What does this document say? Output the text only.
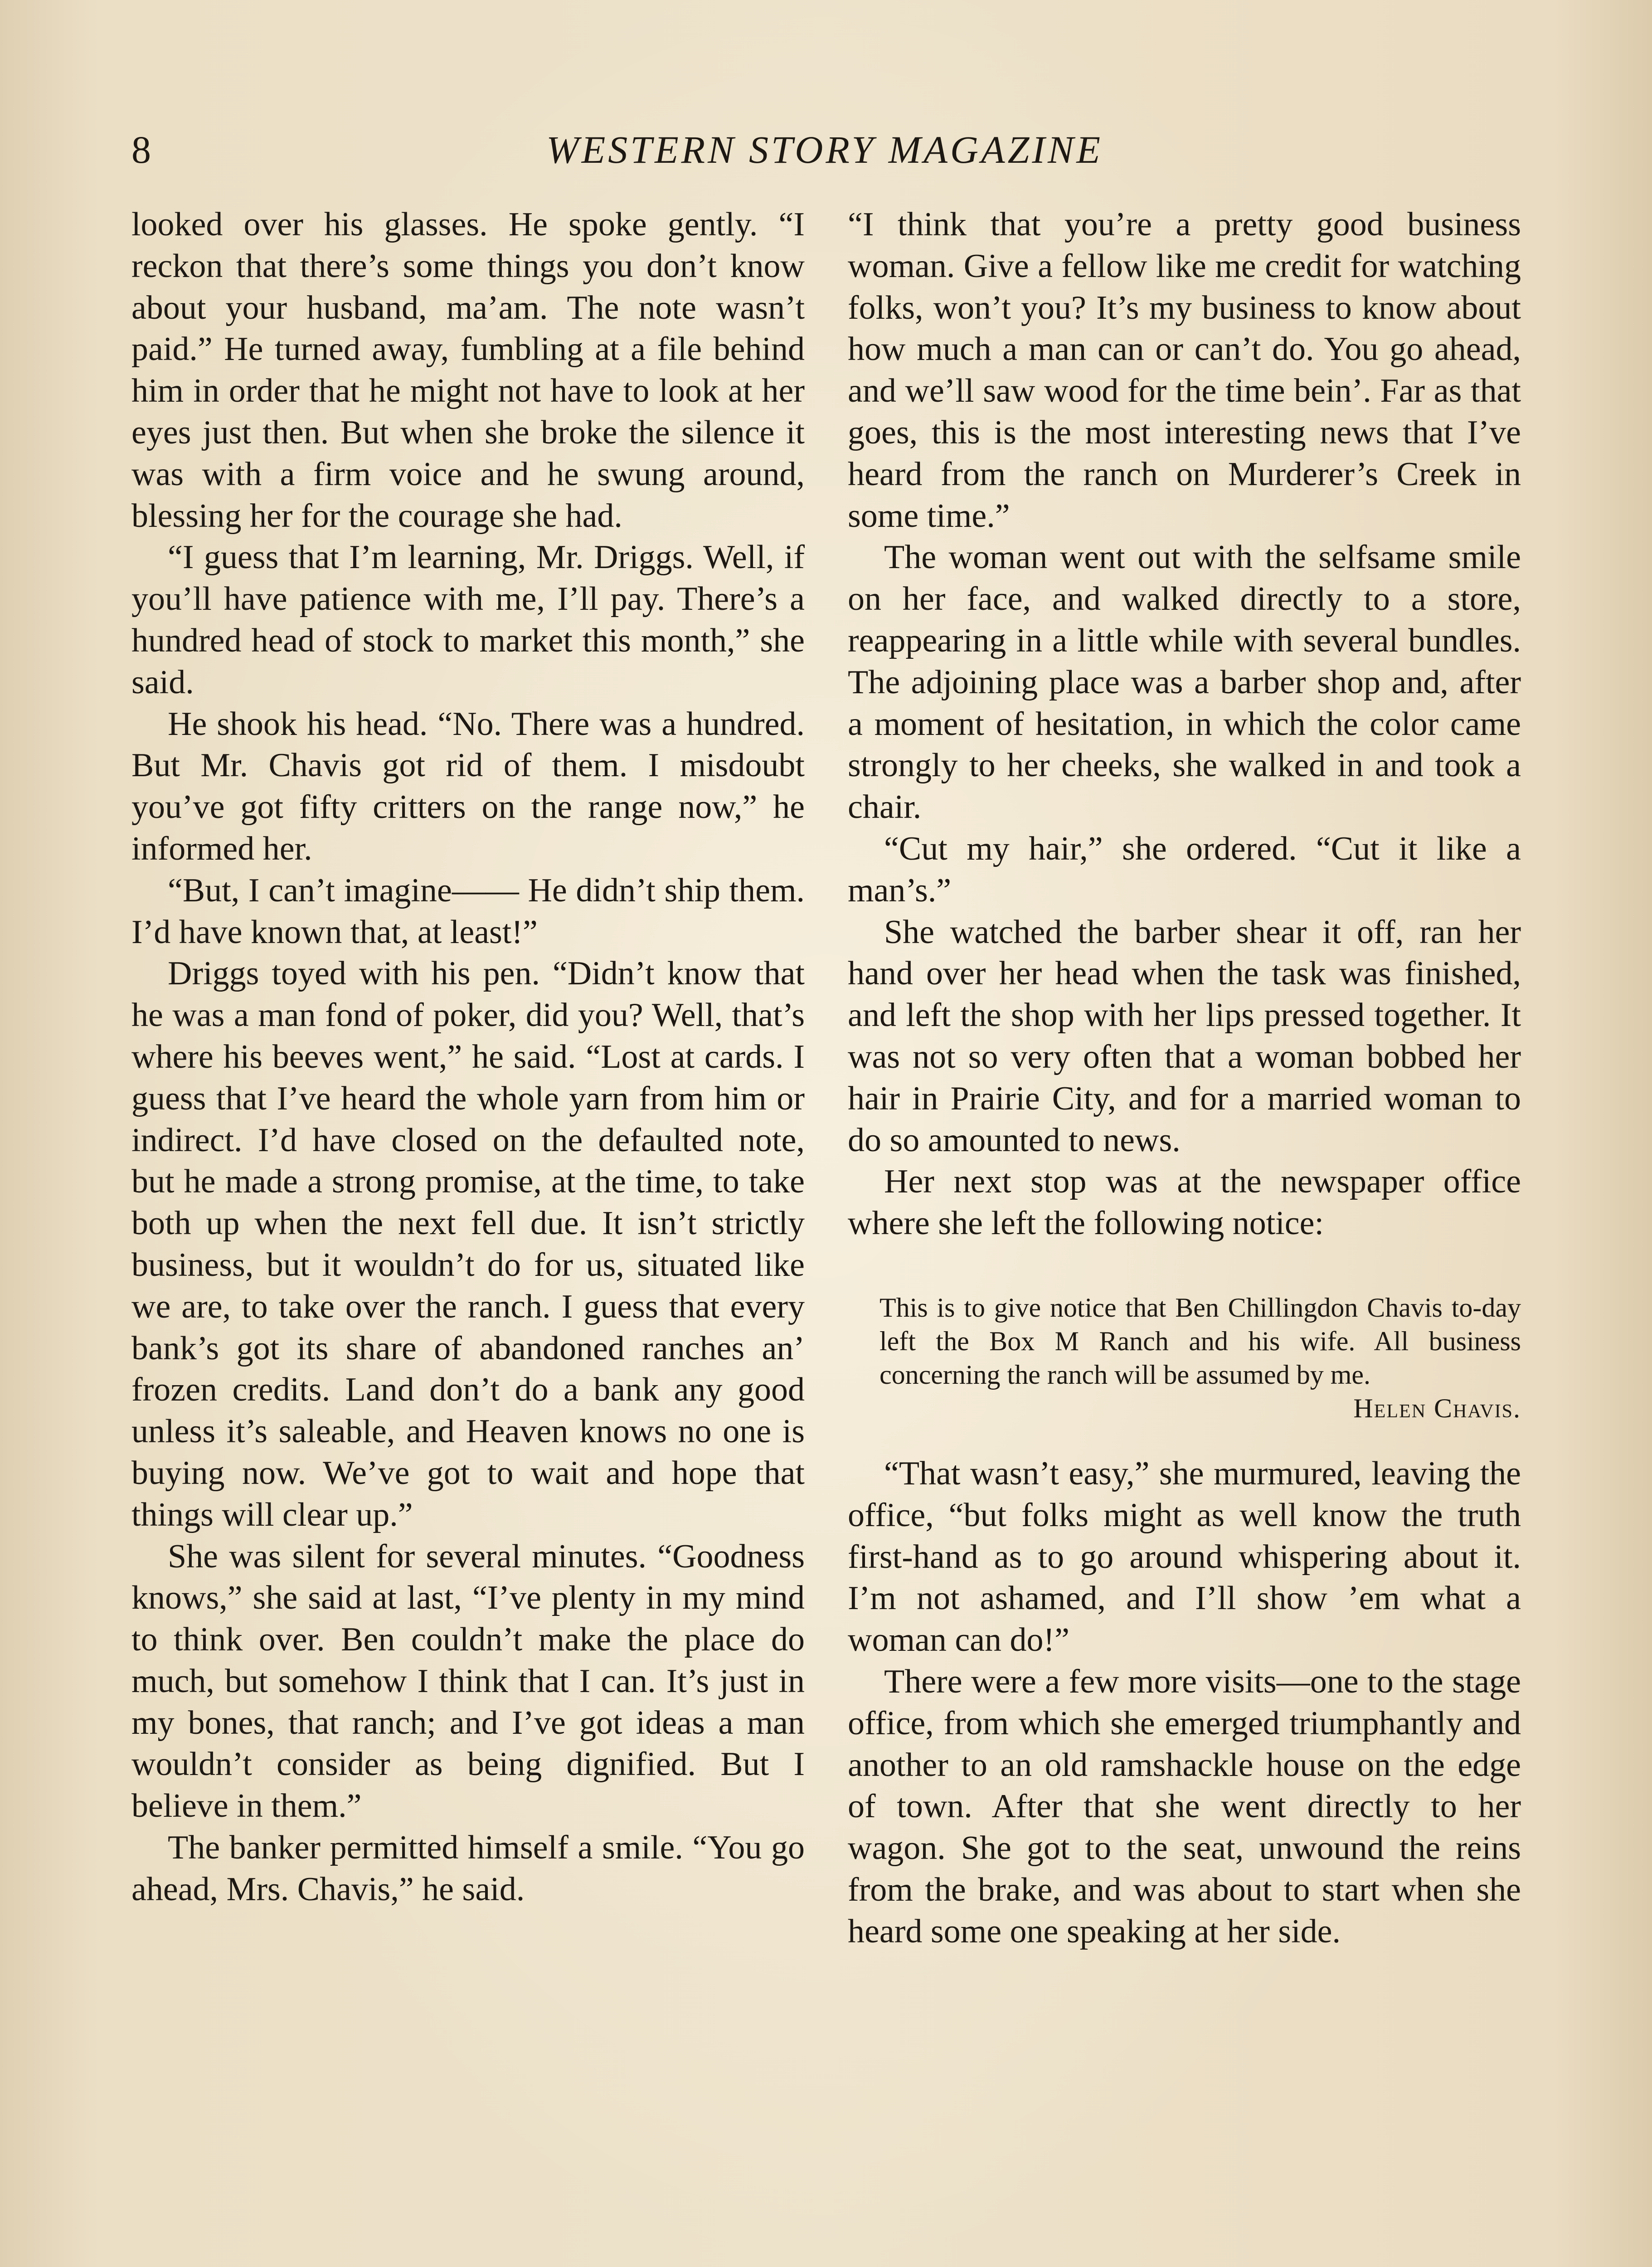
8	WESTERN STORY MAGAZINE

looked over his glasses. He spoke gently. “I reckon that there’s some things you don’t know about your husband, ma’am. The note wasn’t paid.” He turned away, fumbling at a file behind him in order that he might not have to look at her eyes just then. But when she broke the silence it was with a firm voice and he swung around, blessing her for the courage she had.

“I guess that I’m learning, Mr. Driggs. Well, if you’ll have patience with me, I’ll pay. There’s a hundred head of stock to market this month,” she said.

He shook his head. “No. There was a hundred. But Mr. Chavis got rid of them. I misdoubt you’ve got fifty critters on the range now,” he informed her.

“But, I can’t imagine—— He didn’t ship them. I’d have known that, at least!”

Driggs toyed with his pen. “Didn’t know that he was a man fond of poker, did you? Well, that’s where his beeves went,” he said. “Lost at cards. I guess that I’ve heard the whole yarn from him or indirect. I’d have closed on the defaulted note, but he made a strong promise, at the time, to take both up when the next fell due. It isn’t strictly business, but it wouldn’t do for us, situated like we are, to take over the ranch. I guess that every bank’s got its share of abandoned ranches an’ frozen credits. Land don’t do a bank any good unless it’s saleable, and Heaven knows no one is buying now. We’ve got to wait and hope that things will clear up.”

She was silent for several minutes. “Goodness knows,” she said at last, “I’ve plenty in my mind to think over. Ben couldn’t make the place do much, but somehow I think that I can. It’s just in my bones, that ranch; and I’ve got ideas a man wouldn’t consider as being dignified. But I believe in them.”

The banker permitted himself a smile. “You go ahead, Mrs. Chavis,” he said.

“I think that you’re a pretty good business woman. Give a fellow like me credit for watching folks, won’t you? It’s my business to know about how much a man can or can’t do. You go ahead, and we’ll saw wood for the time bein’. Far as that goes, this is the most interesting news that I’ve heard from the ranch on Murderer’s Creek in some time.”

The woman went out with the selfsame smile on her face, and walked directly to a store, reappearing in a little while with several bundles. The adjoining place was a barber shop and, after a moment of hesitation, in which the color came strongly to her cheeks, she walked in and took a chair.

“Cut my hair,” she ordered. “Cut it like a man’s.”

She watched the barber shear it off, ran her hand over her head when the task was finished, and left the shop with her lips pressed together. It was not so very often that a woman bobbed her hair in Prairie City, and for a married woman to do so amounted to news.

Her next stop was at the newspaper office where she left the following notice:

This is to give notice that Ben Chillingdon Chavis to-day left the Box M Ranch and his wife. All business concerning the ranch will be assumed by me.
Helen Chavis.

“That wasn’t easy,” she murmured, leaving the office, “but folks might as well know the truth first-hand as to go around whispering about it. I’m not ashamed, and I’ll show ’em what a woman can do!”

There were a few more visits—one to the stage office, from which she emerged triumphantly and another to an old ramshackle house on the edge of town. After that she went directly to her wagon. She got to the seat, unwound the reins from the brake, and was about to start when she heard some one speaking at her side.
